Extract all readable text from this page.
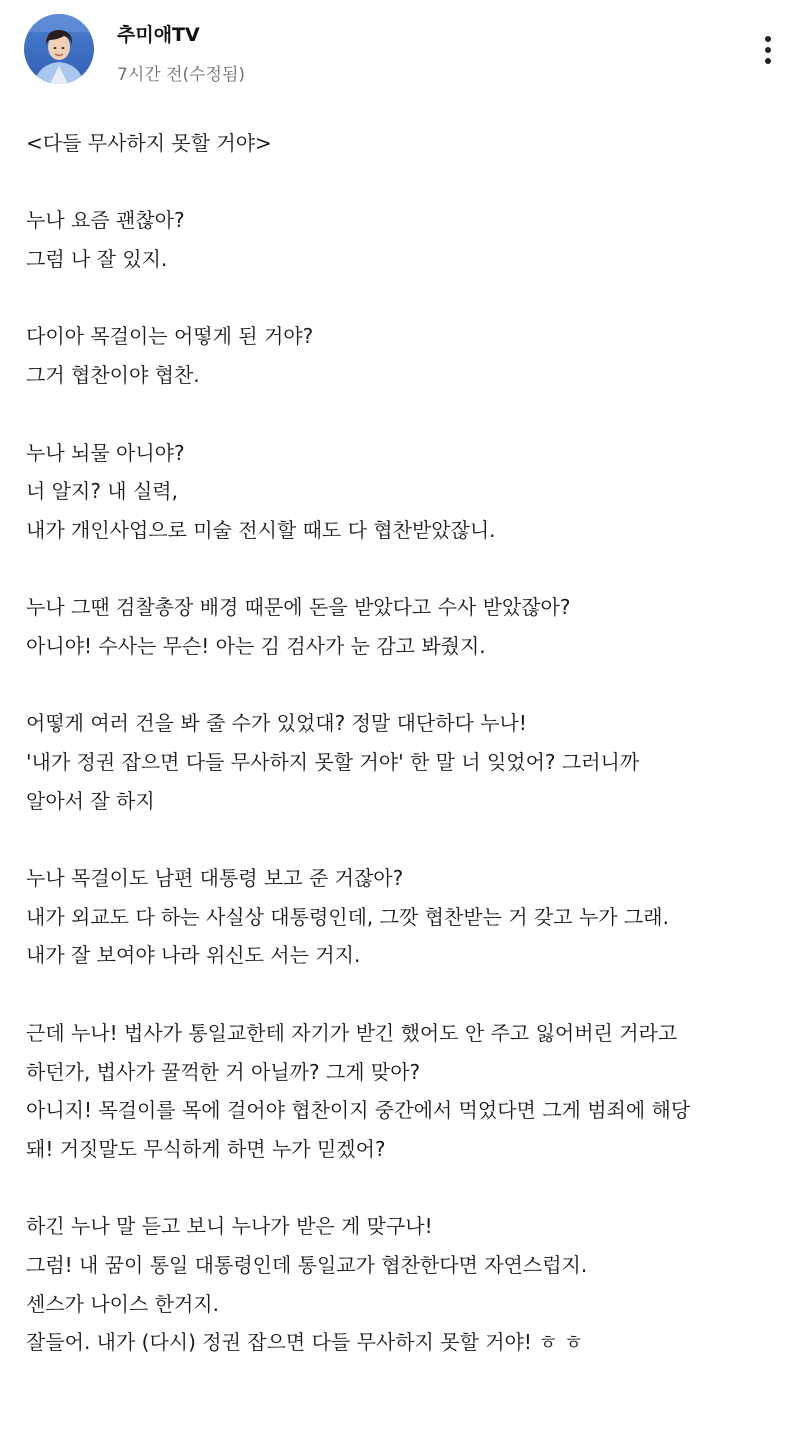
추미애TV
7시간 전(수정됨)
<다들 무사하지 못할 거야>
누나 요즘 괜찮아?
그럼 나 잘 있지.
다이아 목걸이는 어떻게 된 거야?
그거 협찬이야 협찬.
누나 뇌물 아니야?
너 알지? 내 실력,
내가 개인사업으로 미술 전시할 때도 다 협찬받았잖니.
누나 그땐 검찰총장 배경 때문에 돈을 받았다고 수사 받았잖아?
아니야! 수사는 무슨! 아는 김 검사가 눈 감고 봐줬지.
어떻게 여러 건을 봐 줄 수가 있었대? 정말 대단하다 누나!
'내가 정권 잡으면 다들 무사하지 못할 거야' 한 말 너 잊었어? 그러니까
알아서 잘 하지
누나 목걸이도 남편 대통령 보고 준 거잖아?
내가 외교도 다 하는 사실상 대통령인데, 그깟 협찬받는 거 갖고 누가 그래.
내가 잘 보여야 나라 위신도 서는 거지.
근데 누나! 법사가 통일교한테 자기가 받긴 했어도 안 주고 잃어버린 거라고
하던가, 법사가 꿀꺽한 거 아닐까? 그게 맞아?
아니지! 목걸이를 목에 걸어야 협찬이지 중간에서 먹었다면 그게 범죄에 해당
돼! 거짓말도 무식하게 하면 누가 믿겠어?
하긴 누나 말 듣고 보니 누나가 받은 게 맞구나!
그럼! 내 꿈이 통일 대통령인데 통일교가 협찬한다면 자연스럽지.
센스가 나이스 한거지.
잘들어. 내가 (다시) 정권 잡으면 다들 무사하지 못할 거야! ㅎ ㅎ
